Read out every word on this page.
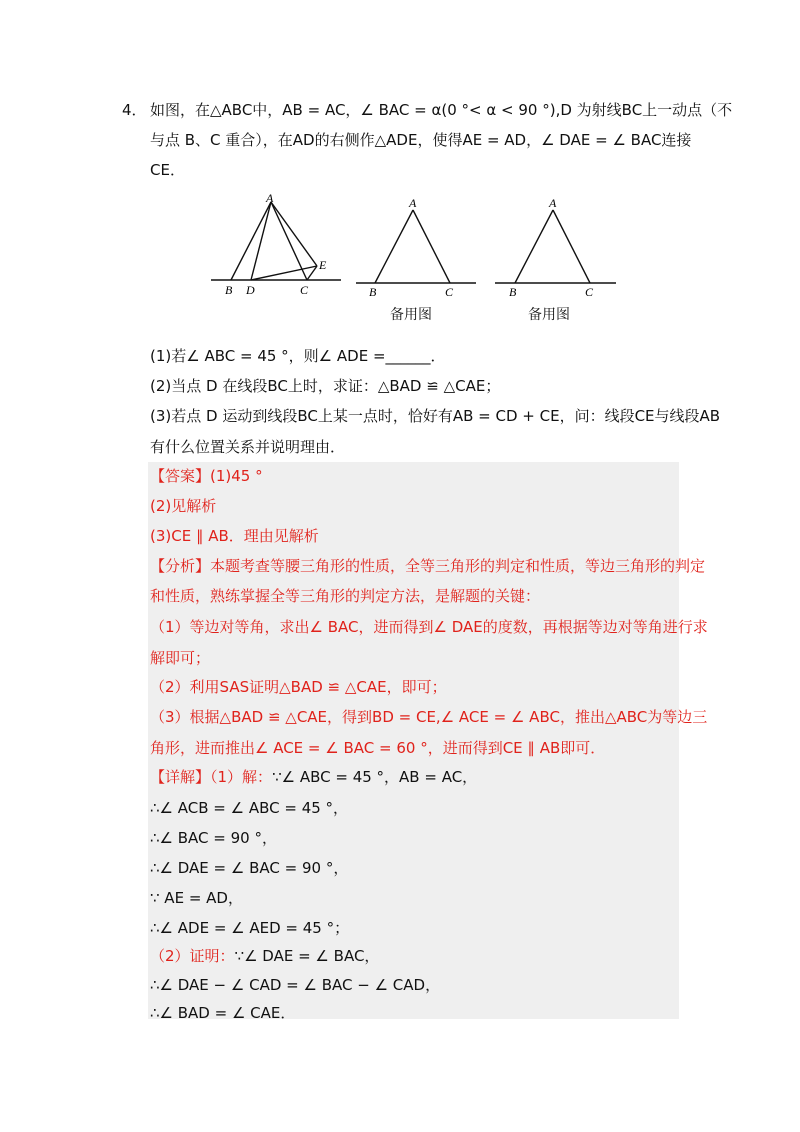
4． 如图，在△ABC中，AB = AC，∠ BAC = α(0 °< α < 90 °),D 为射线BC上一动点（不
与点 B、C 重合），在AD的右侧作△ADE，使得AE = AD，∠ DAE = ∠ BAC连接
CE．
A
E
B D	C
A
B	C
备用图
A
B	C
备用图
(1)若∠ ABC = 45 °，则∠ ADE =______．
(2)当点 D 在线段BC上时，求证：△BAD ≌ △CAE；
(3)若点 D 运动到线段BC上某一点时，恰好有AB = CD + CE，问：线段CE与线段AB
有什么位置关系并说明理由．
【答案】(1)45 °
(2)见解析
(3)CE ∥ AB．理由见解析
【分析】本题考查等腰三角形的性质，全等三角形的判定和性质，等边三角形的判定
和性质，熟练掌握全等三角形的判定方法，是解题的关键：
（1）等边对等角，求出∠ BAC，进而得到∠ DAE的度数，再根据等边对等角进行求
解即可；
（2）利用SAS证明△BAD ≌ △CAE，即可；
（3）根据△BAD ≌ △CAE，得到BD = CE,∠ ACE = ∠ ABC，推出△ABC为等边三
角形，进而推出∠ ACE = ∠ BAC = 60 °，进而得到CE ∥ AB即可．
【详解】（1）解：∵∠ ABC = 45 °，AB = AC，
∴∠ ACB = ∠ ABC = 45 °，
∴∠ BAC = 90 °，
∴∠ DAE = ∠ BAC = 90 °，
∵ AE = AD，
∴∠ ADE = ∠ AED = 45 °；
（2）证明：∵∠ DAE = ∠ BAC，
∴∠ DAE − ∠ CAD = ∠ BAC − ∠ CAD，
∴∠ BAD = ∠ CAE．
